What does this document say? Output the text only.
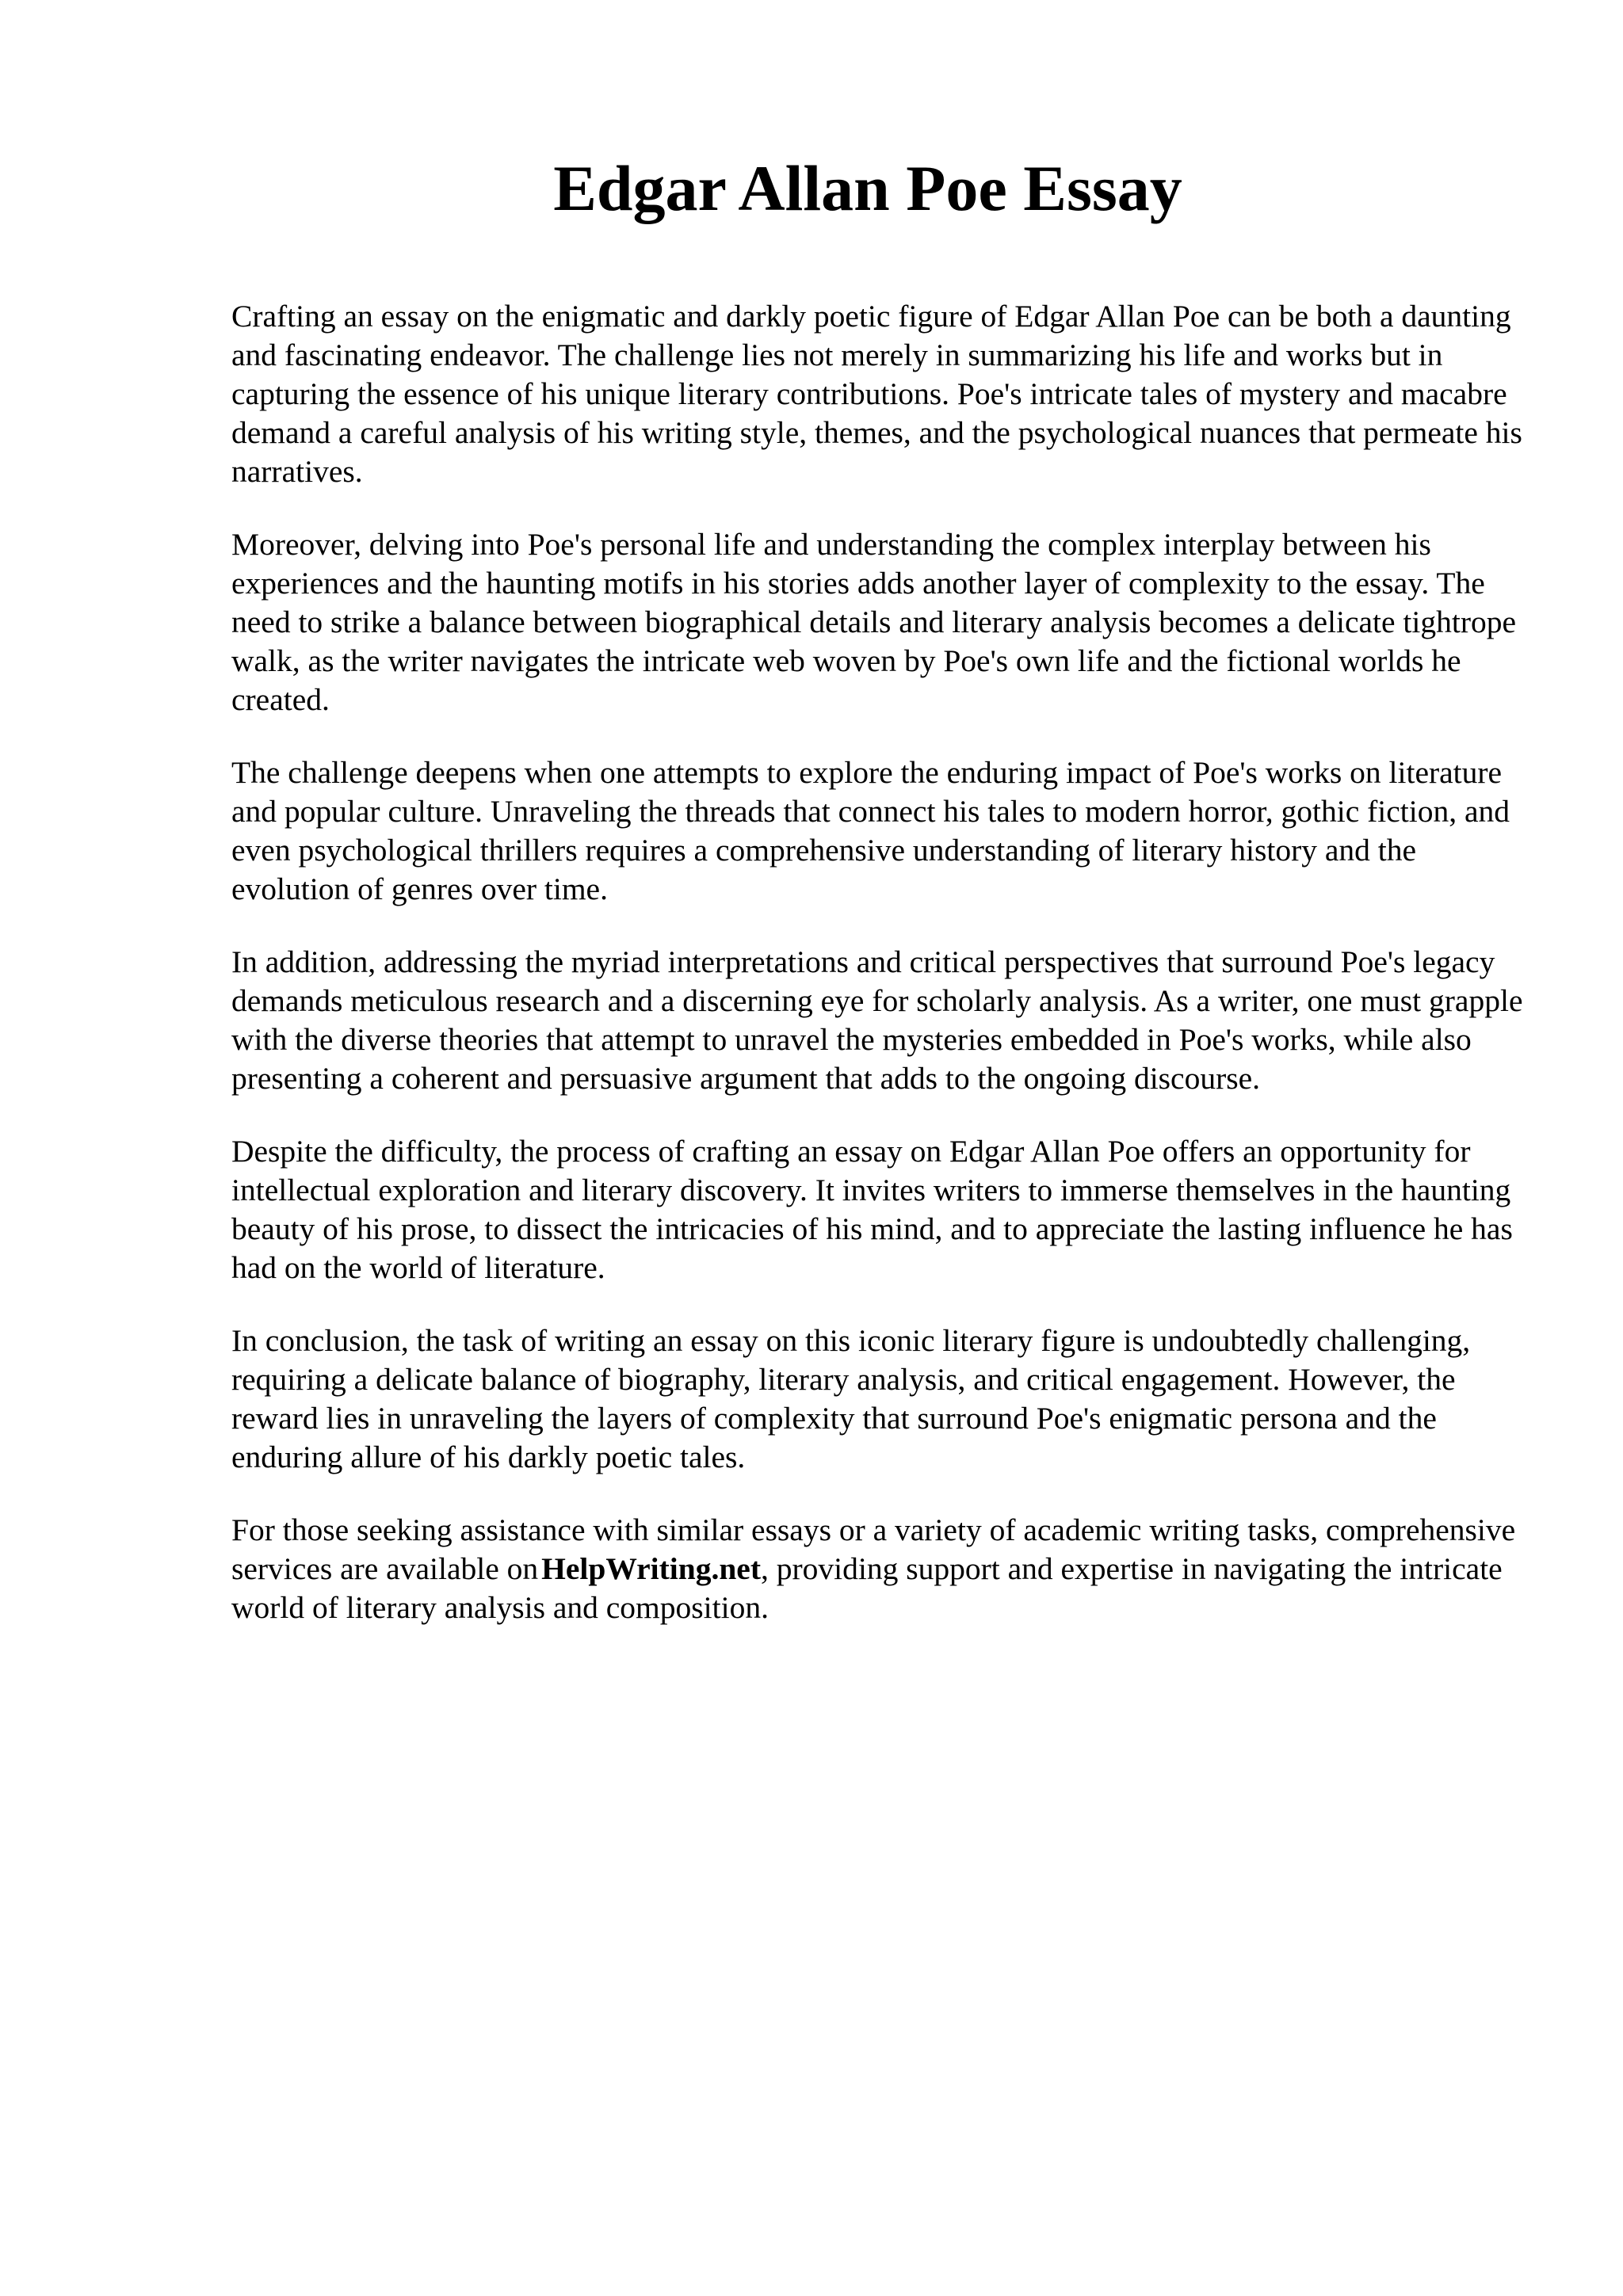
Edgar Allan Poe Essay

Crafting an essay on the enigmatic and darkly poetic figure of Edgar Allan Poe can be both a daunting and fascinating endeavor. The challenge lies not merely in summarizing his life and works but in capturing the essence of his unique literary contributions. Poe's intricate tales of mystery and macabre demand a careful analysis of his writing style, themes, and the psychological nuances that permeate his narratives.

Moreover, delving into Poe's personal life and understanding the complex interplay between his experiences and the haunting motifs in his stories adds another layer of complexity to the essay. The need to strike a balance between biographical details and literary analysis becomes a delicate tightrope walk, as the writer navigates the intricate web woven by Poe's own life and the fictional worlds he created.

The challenge deepens when one attempts to explore the enduring impact of Poe's works on literature and popular culture. Unraveling the threads that connect his tales to modern horror, gothic fiction, and even psychological thrillers requires a comprehensive understanding of literary history and the evolution of genres over time.

In addition, addressing the myriad interpretations and critical perspectives that surround Poe's legacy demands meticulous research and a discerning eye for scholarly analysis. As a writer, one must grapple with the diverse theories that attempt to unravel the mysteries embedded in Poe's works, while also presenting a coherent and persuasive argument that adds to the ongoing discourse.

Despite the difficulty, the process of crafting an essay on Edgar Allan Poe offers an opportunity for intellectual exploration and literary discovery. It invites writers to immerse themselves in the haunting beauty of his prose, to dissect the intricacies of his mind, and to appreciate the lasting influence he has had on the world of literature.

In conclusion, the task of writing an essay on this iconic literary figure is undoubtedly challenging, requiring a delicate balance of biography, literary analysis, and critical engagement. However, the reward lies in unraveling the layers of complexity that surround Poe's enigmatic persona and the enduring allure of his darkly poetic tales.

For those seeking assistance with similar essays or a variety of academic writing tasks, comprehensive services are available on HelpWriting.net, providing support and expertise in navigating the intricate world of literary analysis and composition.
